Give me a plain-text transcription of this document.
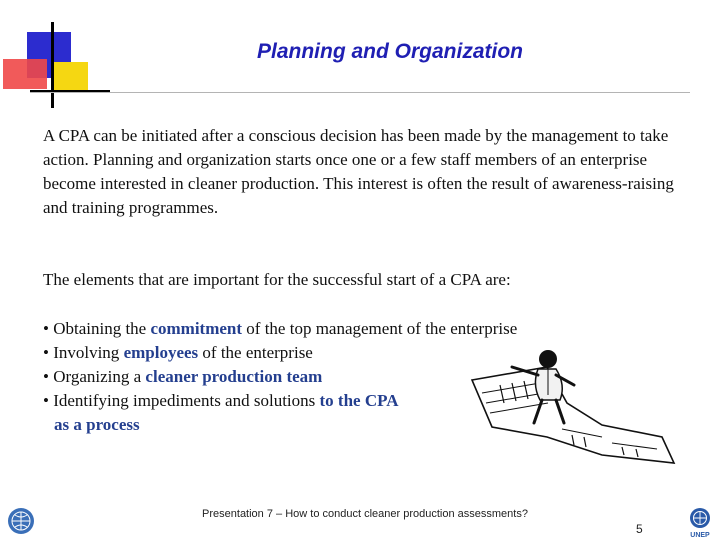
Planning and Organization
A CPA can be initiated after a conscious decision has been made by the management to take action. Planning and organization starts once one or a few staff members of an enterprise become interested in cleaner production. This interest is often the result of awareness-raising and training programmes.
The elements that are important for the successful start of a CPA are:
• Obtaining the commitment of the top management of the enterprise
• Involving employees of the enterprise
• Organizing a cleaner production team
• Identifying impediments and solutions to the CPA
as a process
Presentation 7 – How to conduct cleaner production assessments?
5	UNEP
